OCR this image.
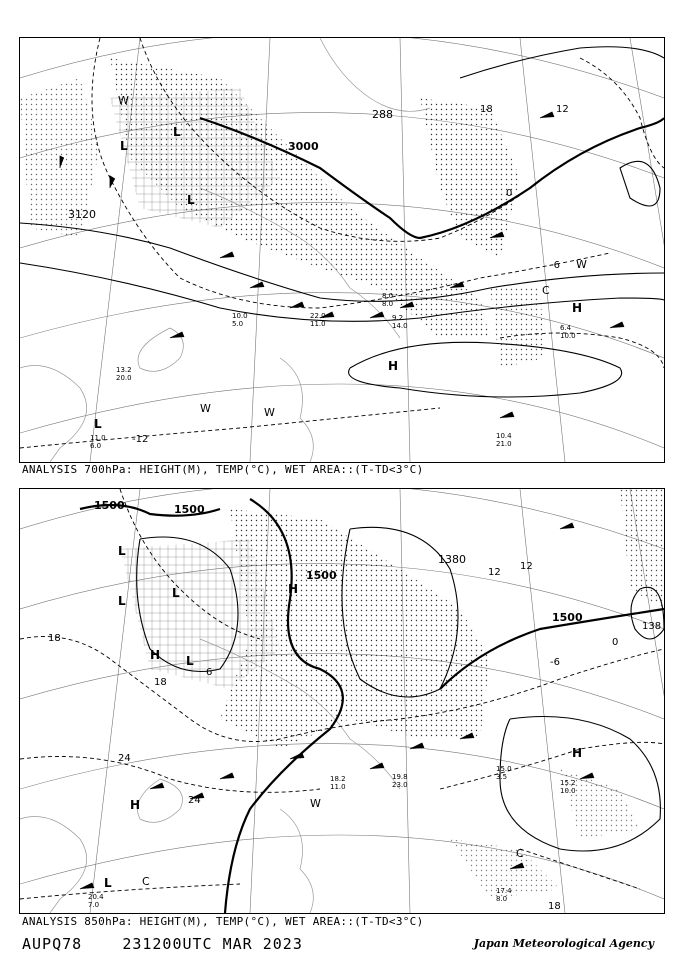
3000
3120
288
0
-6
-12
18	12
H
H
L
L
L
L
W
W	W
W
C
13.2 20.0
11.0 6.0
10.4 21.0
9.2 14.0
8.0 8.0
6.4 10.0
22.0 11.0
10.0 5.0
ANALYSIS 700hPa: HEIGHT(M), TEMP(°C), WET AREA::(T-TD<3°C)
1500	1500
1500
1380
1500
138
18
24
12
0
-6
18
24
12
6
18
L
L
L
L
H
H
H
H
L
C
C
W
15.0 3.5
15.2 10.0
19.8 23.0
18.2 11.0
17.4 8.0
20.4 7.0
ANALYSIS 850hPa: HEIGHT(M), TEMP(°C), WET AREA::(T-TD<3°C)
AUPQ78	231200UTC MAR 2023	Japan Meteorological Agency
